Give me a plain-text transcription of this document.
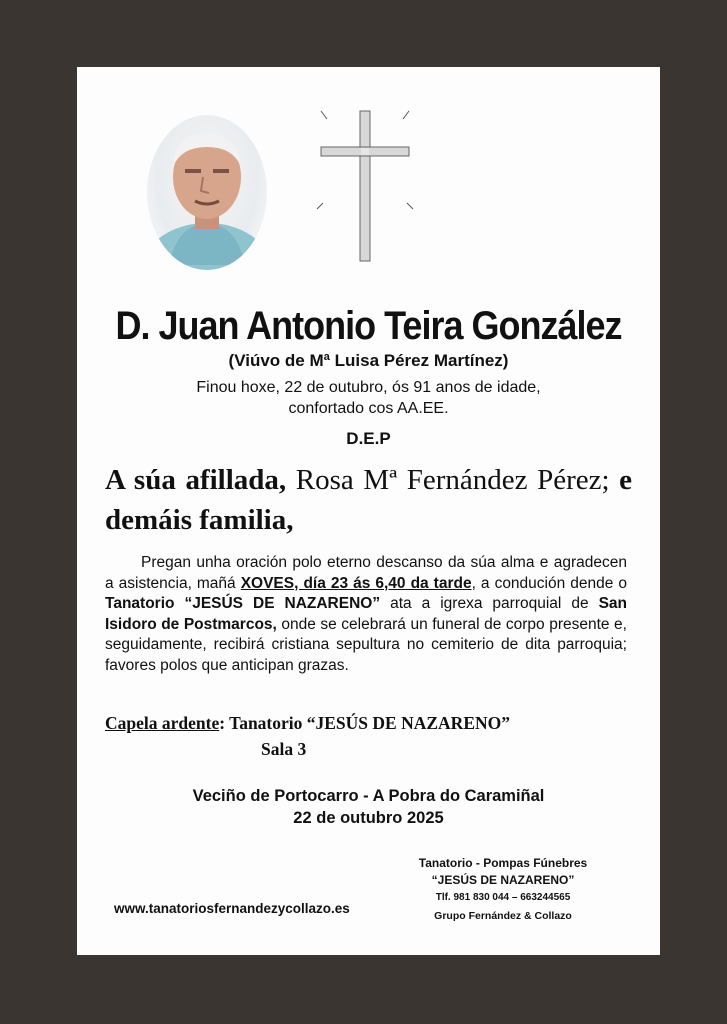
D. Juan Antonio Teira González
(Viúvo de Mª Luisa Pérez Martínez)
Finou hoxe, 22 de outubro, ós 91 anos de idade,
confortado cos AA.EE.
D.E.P
A súa afillada, Rosa Mª Fernández Pérez; e demáis familia,
Pregan unha oración polo eterno descanso da súa alma e agradecen a asistencia, mañá XOVES, día 23 ás 6,40 da tarde, a condución dende o Tanatorio “JESÚS DE NAZARENO” ata a igrexa parroquial de San Isidoro de Postmarcos, onde se celebrará un funeral de corpo presente e, seguidamente, recibirá cristiana sepultura no cemiterio de dita parroquia; favores polos que anticipan grazas.
Capela ardente: Tanatorio “JESÚS DE NAZARENO”
Sala 3
Veciño de Portocarro - A Pobra do Caramiñal
22 de outubro 2025
Tanatorio - Pompas Fúnebres
“JESÚS DE NAZARENO”
Tlf. 981 830 044 – 663244565
Grupo Fernández & Collazo
www.tanatoriosfernandezycollazo.es
